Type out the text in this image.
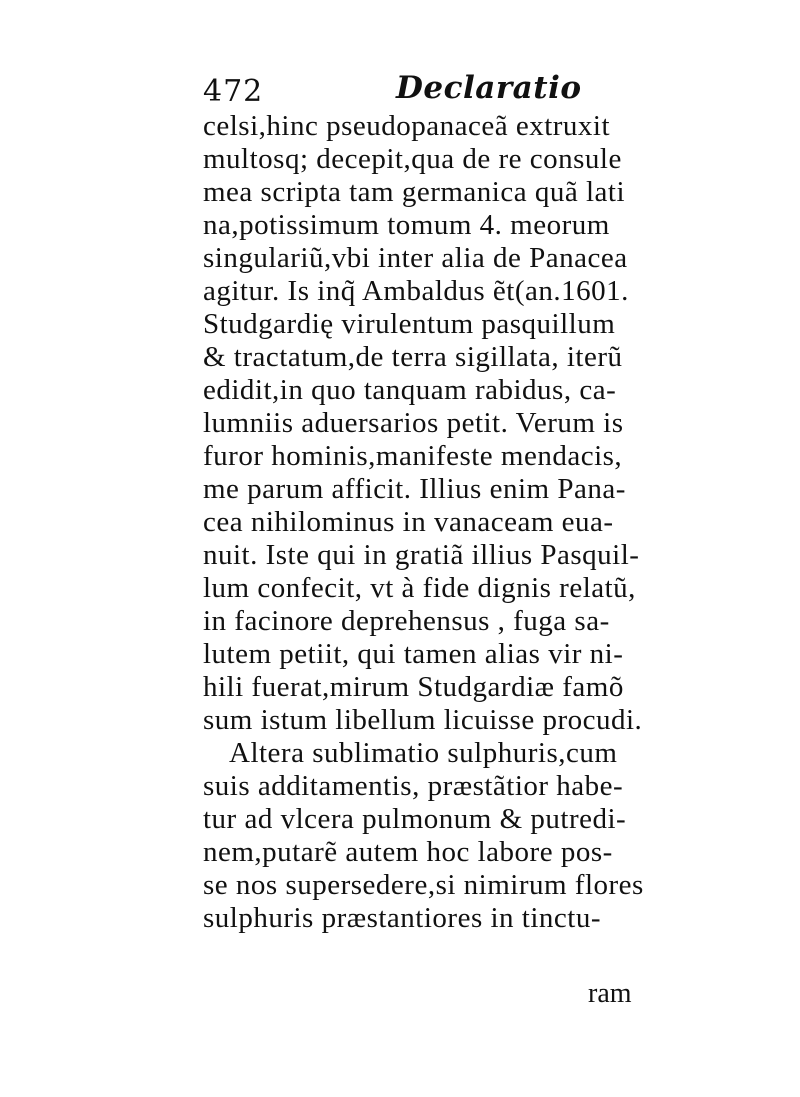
472	Declaratio
celsi,hinc pseudopanaceã extruxit
multosq; decepit,qua de re consule
mea scripta tam germanica quã lati
na,potissimum tomum 4. meorum
singulariũ,vbi inter alia de Panacea
agitur. Is inq̃ Ambaldus ẽt(an.1601.
Studgardię virulentum pasquillum
& tractatum,de terra sigillata, iterũ
edidit,in quo tanquam rabidus, ca-
lumniis aduersarios petit. Verum is
furor hominis,manifeste mendacis,
me parum afficit. Illius enim Pana-
cea nihilominus in vanaceam eua-
nuit. Iste qui in gratiã illius Pasquil-
lum confecit, vt à fide dignis relatũ,
in facinore deprehensus , fuga sa-
lutem petiit, qui tamen alias vir ni-
hili fuerat,mirum Studgardiæ famõ
sum istum libellum licuisse procudi.
Altera sublimatio sulphuris,cum
suis additamentis, præstãtior habe-
tur ad vlcera pulmonum & putredi-
nem,putarẽ autem hoc labore pos-
se nos supersedere,si nimirum flores
sulphuris præstantiores in tinctu-
ram
